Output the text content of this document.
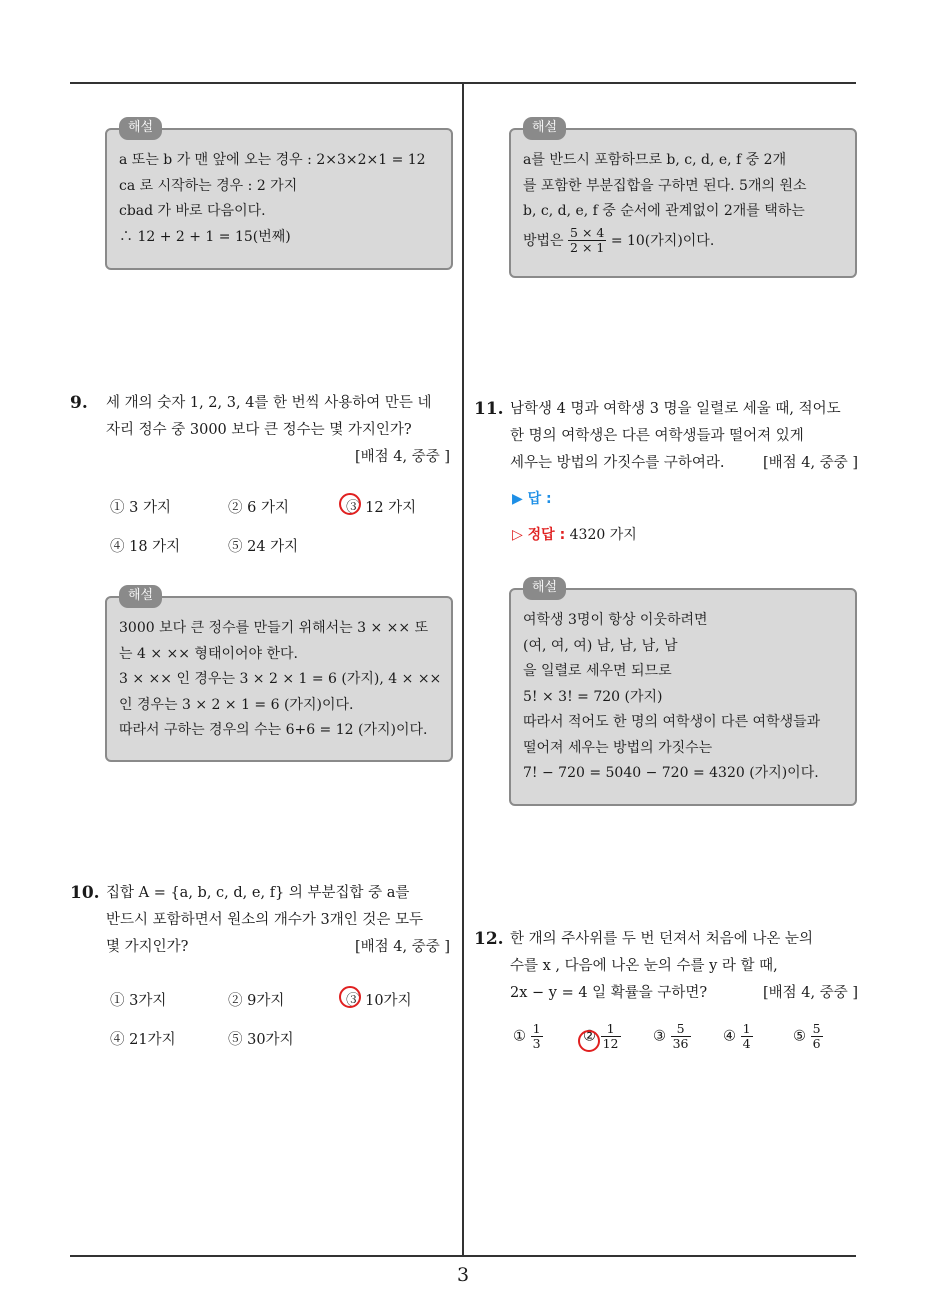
해설

a 또는 b 가 맨 앞에 오는 경우 : 2×3×2×1 = 12

ca 로 시작하는 경우 : 2 가지

cbad 가 바로 다음이다.

∴ 12 + 2 + 1 = 15(번째)

해설

a를 반드시 포함하므로 b, c, d, e, f 중 2개

를 포함한 부분집합을 구하면 된다. 5개의 원소

b, c, d, e, f 중 순서에 관계없이 2개를 택하는

방법은 $\frac{5 \times 4}{2 \times 1} = 10$(가지)이다.

9. 세 개의 숫자 1, 2, 3, 4를 한 번씩 사용하여 만든 네

자리 정수 중 3000 보다 큰 정수는 몇 가지인가?

[배점 4, 중중 ]
① 3 가지	② 6 가지	③ 12 가지
④ 18 가지	⑤ 24 가지
해설

3000 보다 큰 정수를 만들기 위해서는 3 × ×× 또

는 4 × ×× 형태이어야 한다.

3 × ×× 인 경우는 3 × 2 × 1 = 6 (가지), 4 × ××

인 경우는 3 × 2 × 1 = 6 (가지)이다.

따라서 구하는 경우의 수는 6+6 = 12 (가지)이다.

10. 집합 A = {a, b, c, d, e, f} 의 부분집합 중 a를

반드시 포함하면서 원소의 개수가 3개인 것은 모두

몇 가지인가?	[배점 4, 중중 ]

① 3가지	② 9가지	③ 10가지
④ 21가지	⑤ 30가지
11. 남학생 4 명과 여학생 3 명을 일렬로 세울 때, 적어도

한 명의 여학생은 다른 여학생들과 떨어져 있게

세우는 방법의 가짓수를 구하여라.	[배점 4, 중중 ]

▶ 답 :
▷ 정답 : 4320 가지
해설

여학생 3명이 항상 이웃하려면

(여, 여, 여) 남, 남, 남, 남

을 일렬로 세우면 되므로

5! × 3! = 720 (가지)

따라서 적어도 한 명의 여학생이 다른 여학생들과

떨어져 세우는 방법의 가짓수는

7! − 720 = 5040 − 720 = 4320 (가지)이다.

12. 한 개의 주사위를 두 번 던져서 처음에 나온 눈의

수를 x , 다음에 나온 눈의 수를 y 라 할 때,

2x − y = 4 일 확률을 구하면?	[배점 4, 중중 ]

① $\frac{1}{3}$	② $\frac{1}{12}$ ③ $\frac{5}{36}$ ④ $\frac{1}{4}$	⑤ $\frac{5}{6}$
3
